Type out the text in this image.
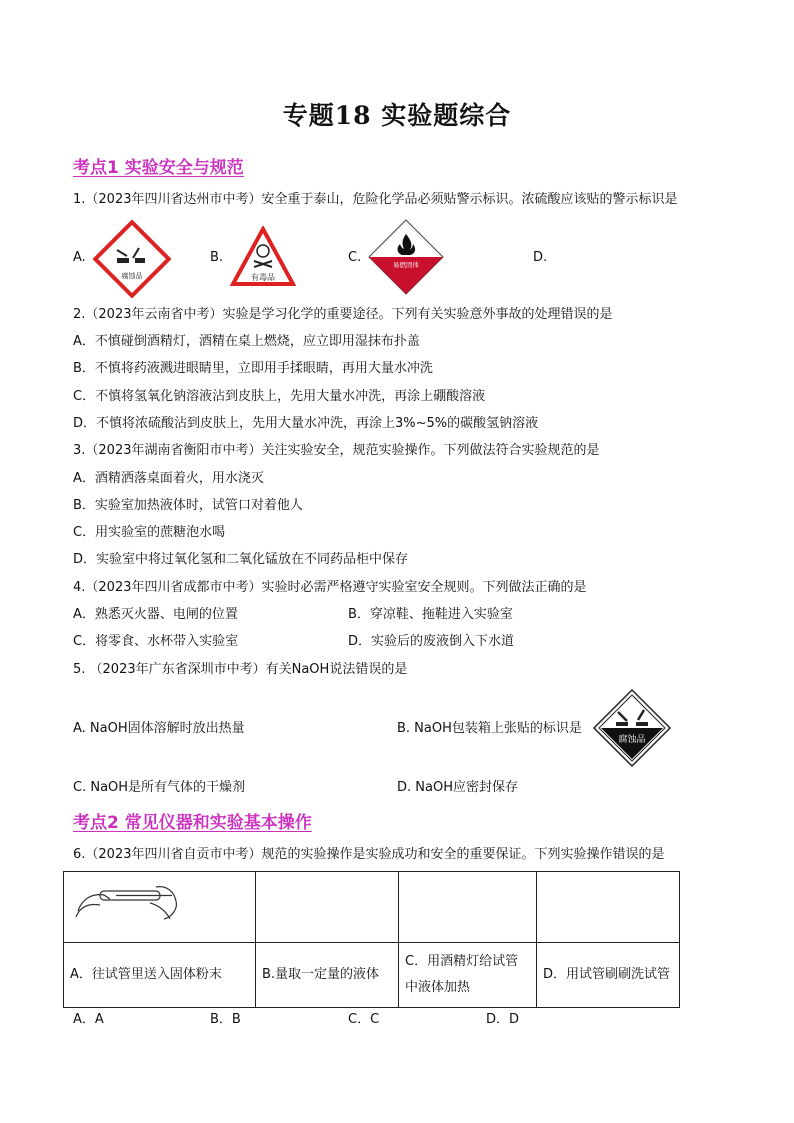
专题18 实验题综合
考点1 实验安全与规范
1.（2023年四川省达州市中考）安全重于泰山，危险化学品必须贴警示标识。浓硫酸应该贴的警示标识是
A.	B.	C.	D.
腐蚀品	有毒品
易燃固体
2.（2023年云南省中考）实验是学习化学的重要途径。下列有关实验意外事故的处理错误的是
A．不慎碰倒酒精灯，酒精在桌上燃烧，应立即用湿抹布扑盖
B．不慎将药液溅进眼睛里，立即用手揉眼睛，再用大量水冲洗
C．不慎将氢氧化钠溶液沾到皮肤上，先用大量水冲洗，再涂上硼酸溶液
D．不慎将浓硫酸沾到皮肤上，先用大量水冲洗，再涂上3%~5%的碳酸氢钠溶液
3.（2023年湖南省衡阳市中考）关注实验安全，规范实验操作。下列做法符合实验规范的是
A．酒精洒落桌面着火，用水浇灭
B．实验室加热液体时，试管口对着他人
C．用实验室的蔗糖泡水喝
D．实验室中将过氧化氢和二氧化锰放在不同药品柜中保存
4.（2023年四川省成都市中考）实验时必需严格遵守实验室安全规则。下列做法正确的是
A．熟悉灭火器、电闸的位置	B．穿凉鞋、拖鞋进入实验室
C．将零食、水杯带入实验室	D．实验后的废液倒入下水道
5. （2023年广东省深圳市中考）有关NaOH说法错误的是
A. NaOH固体溶解时放出热量	B. NaOH包装箱上张贴的标识是
C. NaOH是所有气体的干燥剂	D. NaOH应密封保存
腐蚀品
考点2 常见仪器和实验基本操作
6.（2023年四川省自贡市中考）规范的实验操作是实验成功和安全的重要保证。下列实验操作错误的是

A．往试管里送入固体粉末	B.量取一定量的液体	C．用酒精灯给试管中液体加热	D．用试管刷刷洗试管
A．A	B．B	C．C	D．D
